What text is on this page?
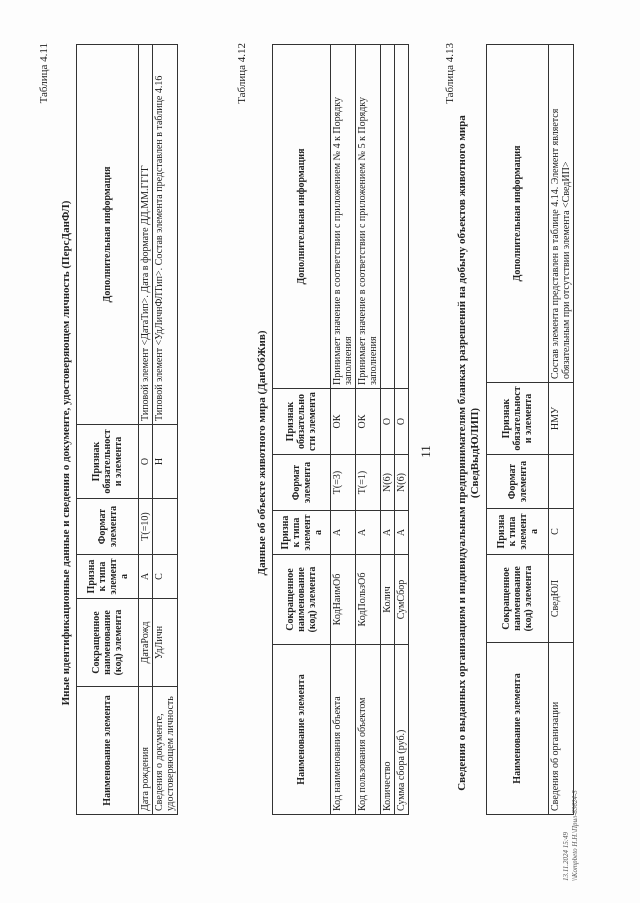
11
Таблица 4.11
Иные идентификационные данные и сведения о документе, удостоверяющем личность (ПерсДанФЛ)
Наименование элемента	Сокращенное наименование (код) элемента	Признак типа элемента	Формат элемента	Признак обязательности элемента	Дополнительная информация
Дата рождения	ДатаРожд	А	Т(=10)	О	Типовой элемент <ДатаТип>. Дата в формате ДД.ММ.ГГГГ
Сведения о документе, удостоверяющем личность	УдЛичн	С		Н	Типовой элемент <УдЛичнФЛТип>. Состав элемента представлен в таблице 4.16
Таблица 4.12
Данные об объекте животного мира (ДанОбЖив)
Наименование элемента	Сокращенное наименование (код) элемента	Признак типа элемента	Формат элемента	Признак обязательности элемента	Дополнительная информация
Код наименования объекта	КодНаимОб	А	Т(=3)	ОК	Принимает значение в соответствии с приложением № 4 к Порядку заполнения
Код пользования объектом	КодПользОб	А	Т(=1)	ОК	Принимает значение в соответствии с приложением № 5 к Порядку заполнения
Количество	Колич	А	N(6)	О	
Сумма сбора (руб.)	СумСбор	А	N(6)	О	
Таблица 4.13
Сведения о выданных организациям и индивидуальным предпринимателям бланках разрешений на добычу объектов животного мира (СведВыдЮЛИП)
Наименование элемента	Сокращенное наименование (код) элемента	Признак типа элемента	Формат элемента	Признак обязательности элемента	Дополнительная информация
Сведения об организации	СведЮЛ	С		НМУ	Состав элемента представлен в таблице 4.14. Элемент является обязательным при отсутствии элемента <СведИП>
13.11.2024 15:49 \\Kompbeto Н.Н.\Прил-83624-3
